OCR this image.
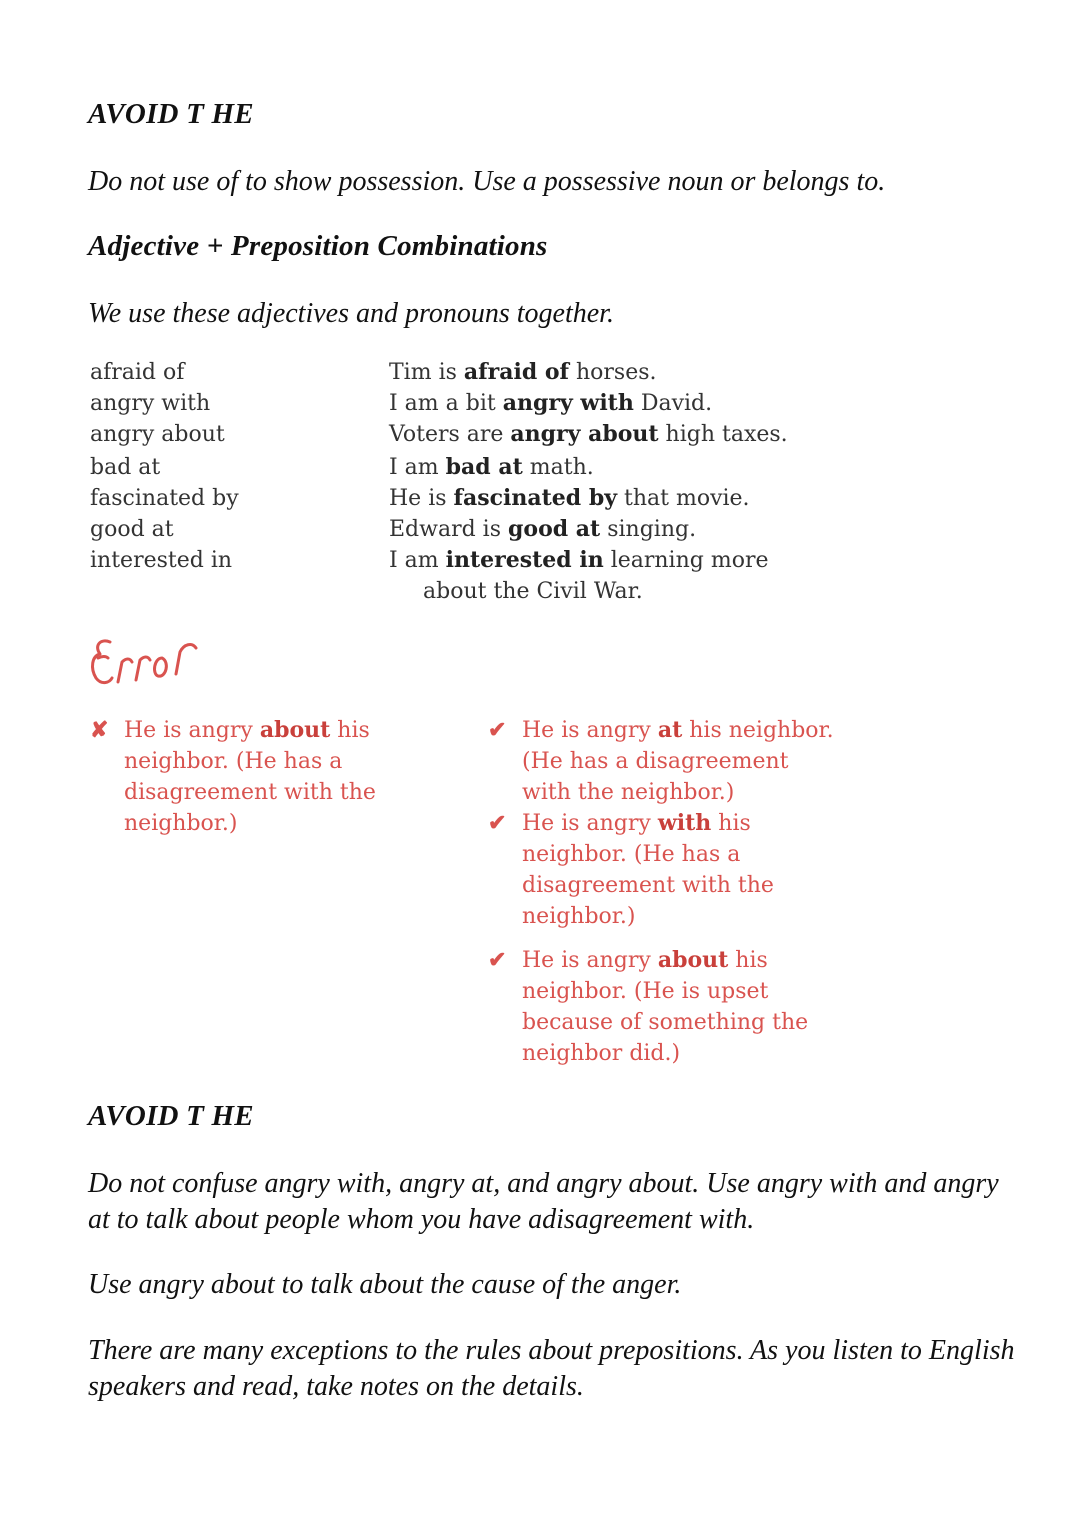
AVOID T HE
Do not use of to show possession. Use a possessive noun or belongs to.
Adjective + Preposition Combinations
We use these adjectives and pronouns together.
afraid of
angry with
angry about
bad at
fascinated by
good at
interested in
Tim is afraid of horses.
I am a bit angry with David.
Voters are angry about high taxes.
I am bad at math.
He is fascinated by that movie.
Edward is good at singing.
I am interested in learning more
about the Civil War.
✘ He is angry about his
neighbor. (He has a
disagreement with the
neighbor.)
✔ He is angry at his neighbor.
(He has a disagreement
with the neighbor.)
✔ He is angry with his
neighbor. (He has a
disagreement with the
neighbor.)
✔ He is angry about his
neighbor. (He is upset
because of something the
neighbor did.)
AVOID T HE
Do not confuse angry with, angry at, and angry about. Use angry with and angry at to talk about people whom you have adisagreement with.
Use angry about to talk about the cause of the anger.
There are many exceptions to the rules about prepositions. As you listen to English speakers and read, take notes on the details.
